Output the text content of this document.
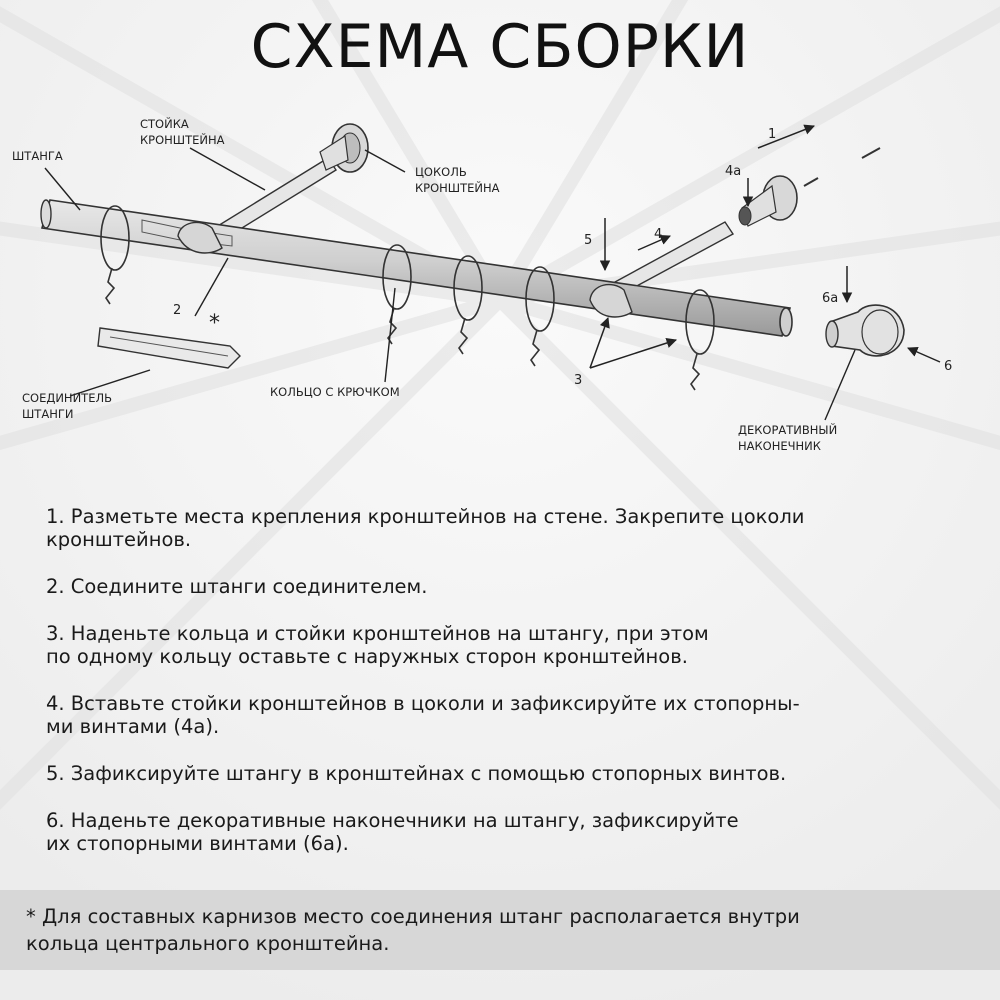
СХЕМА СБОРКИ
ШТАНГА
СТОЙКА
КРОНШТЕЙНА
ЦОКОЛЬ
КРОНШТЕЙНА
СОЕДИНИТЕЛЬ
ШТАНГИ
КОЛЬЦО С КРЮЧКОМ
ДЕКОРАТИВНЫЙ
НАКОНЕЧНИК
1
2
*
3
4
4а
5
6
6а
1. Разметьте места крепления кронштейнов на стене. Закрепите цоколи
кронштейнов.
2. Соедините штанги соединителем.
3. Наденьте кольца и стойки кронштейнов на штангу, при этом
по одному кольцу оставьте с наружных сторон кронштейнов.
4. Вставьте стойки кронштейнов в цоколи и зафиксируйте их стопорны-
ми винтами (4а).
5. Зафиксируйте штангу в кронштейнах с помощью стопорных винтов.
6. Наденьте декоративные наконечники на штангу, зафиксируйте
их стопорными винтами (6а).
* Для составных карнизов место соединения штанг располагается внутри
кольца центрального кронштейна.
